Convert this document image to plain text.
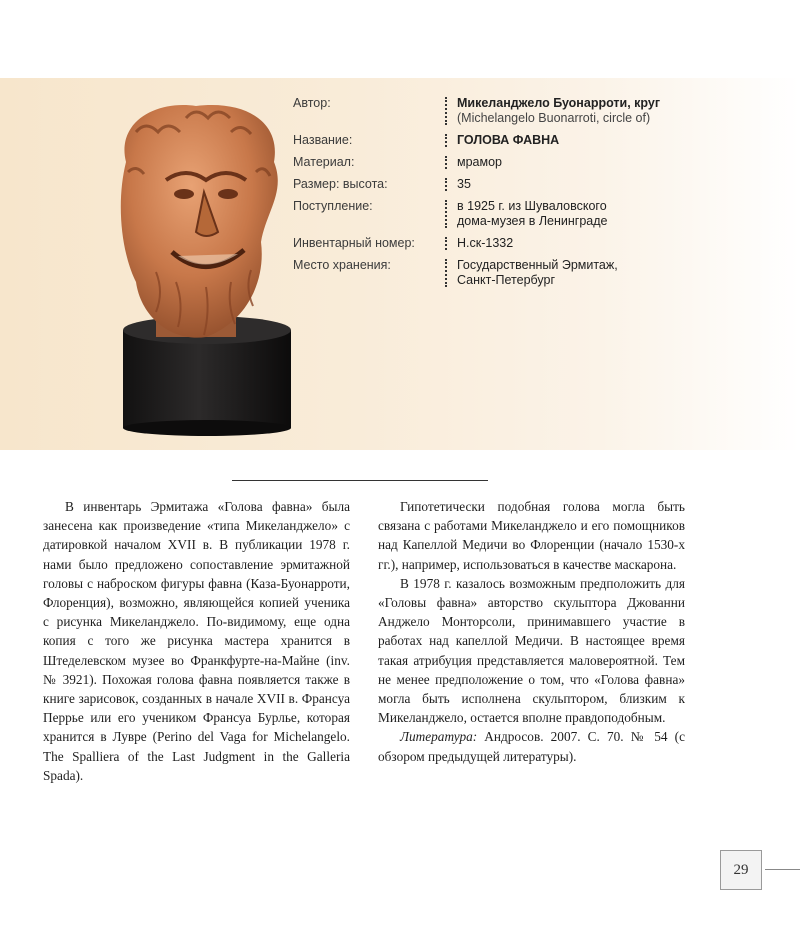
Автор:	Микеланджело Буонарроти, круг
(Michelangelo Buonarroti, circle of)
Название:	ГОЛОВА ФАВНА
Материал:	мрамор
Размер: высота:	35
Поступление:	в 1925 г. из Шуваловского
дома-музея в Ленинграде
Инвентарный номер:	Н.ск-1332
Место хранения:	Государственный Эрмитаж,
Санкт-Петербург

В инвентарь Эрмитажа «Голова фавна» была занесена как произведение «типа Микеланджело» с датировкой началом XVII в. В публикации 1978 г. нами было предложено сопоставление эрмитажной головы с наброском фигуры фавна (Каза-Буонарроти, Флоренция), возможно, являющейся копией ученика с рисунка Микеланджело. По-видимому, еще одна копия с того же рисунка мастера хранится в Штеделевском музее во Франкфурте-на-Майне (inv. № 3921). Похожая голова фавна появляется также в книге зарисовок, созданных в начале XVII в. Франсуа Перрье или его учеником Франсуа Бурлье, которая хранится в Лувре (Perino del Vaga for Michelangelo. The Spalliera of the Last Judgment in the Galleria Spada).

Гипотетически подобная голова могла быть связана с работами Микеланджело и его помощников над Капеллой Медичи во Флоренции (начало 1530-х гг.), например, использоваться в качестве маскарона.

В 1978 г. казалось возможным предположить для «Головы фавна» авторство скульптора Джованни Анджело Монторсоли, принимавшего участие в работах над капеллой Медичи. В настоящее время такая атрибуция представляется маловероятной. Тем не менее предположение о том, что «Голова фавна» могла быть исполнена скульптором, близким к Микеланджело, остается вполне правдоподобным.

Литература: Андросов. 2007. С. 70. № 54 (с обзором предыдущей литературы).

29
